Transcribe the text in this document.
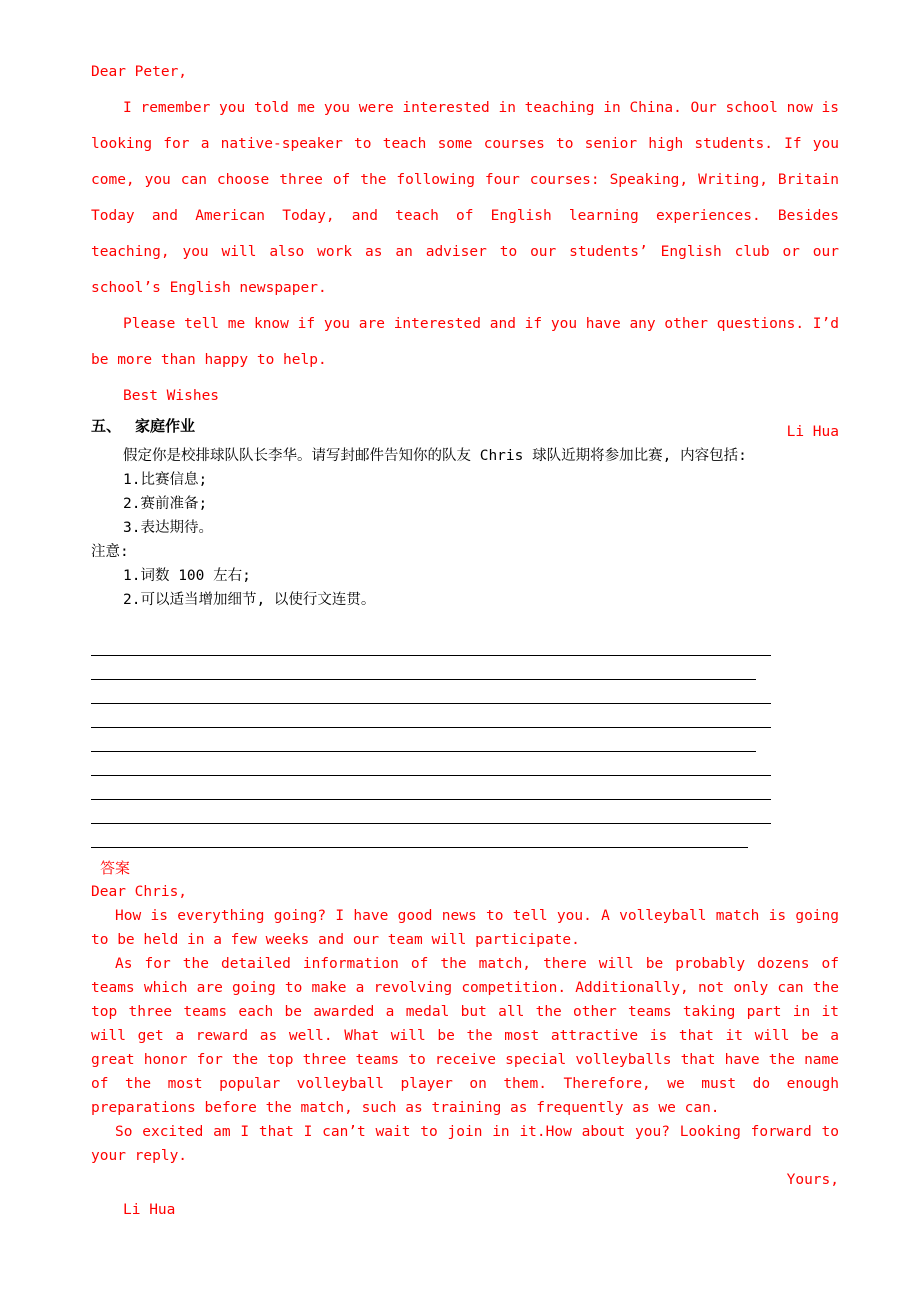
Dear Peter,

I remember you told me you were interested in teaching in China. Our school now is looking for a native-speaker to teach some courses to senior high students. If you come, you can choose three of the following four courses: Speaking, Writing, Britain Today and American Today, and teach of English learning experiences. Besides teaching, you will also work as an adviser to our students’ English club or our school’s English newspaper.

Please tell me know if you are interested and if you have any other questions. I’d be more than happy to help.

Best Wishes

Li Hua

五、 家庭作业

假定你是校排球队队长李华。请写封邮件告知你的队友 Chris 球队近期将参加比赛, 内容包括:

1.比赛信息;

2.赛前准备;

3.表达期待。

注意:

1.词数 100 左右;

2.可以适当增加细节, 以使行文连贯。

答案

Dear Chris,

How is everything going? I have good news to tell you. A volleyball match is going to be held in a few weeks and our team will participate.

As for the detailed information of the match, there will be probably dozens of teams which are going to make a revolving competition. Additionally, not only can the top three teams each be awarded a medal but all the other teams taking part in it will get a reward as well. What will be the most attractive is that it will be a great honor for the top three teams to receive special volleyballs that have the name of the most popular volleyball player on them. Therefore, we must do enough preparations before the match, such as training as frequently as we can.

So excited am I that I can’t wait to join in it.How about you? Looking forward to your reply.

Yours,

Li Hua
